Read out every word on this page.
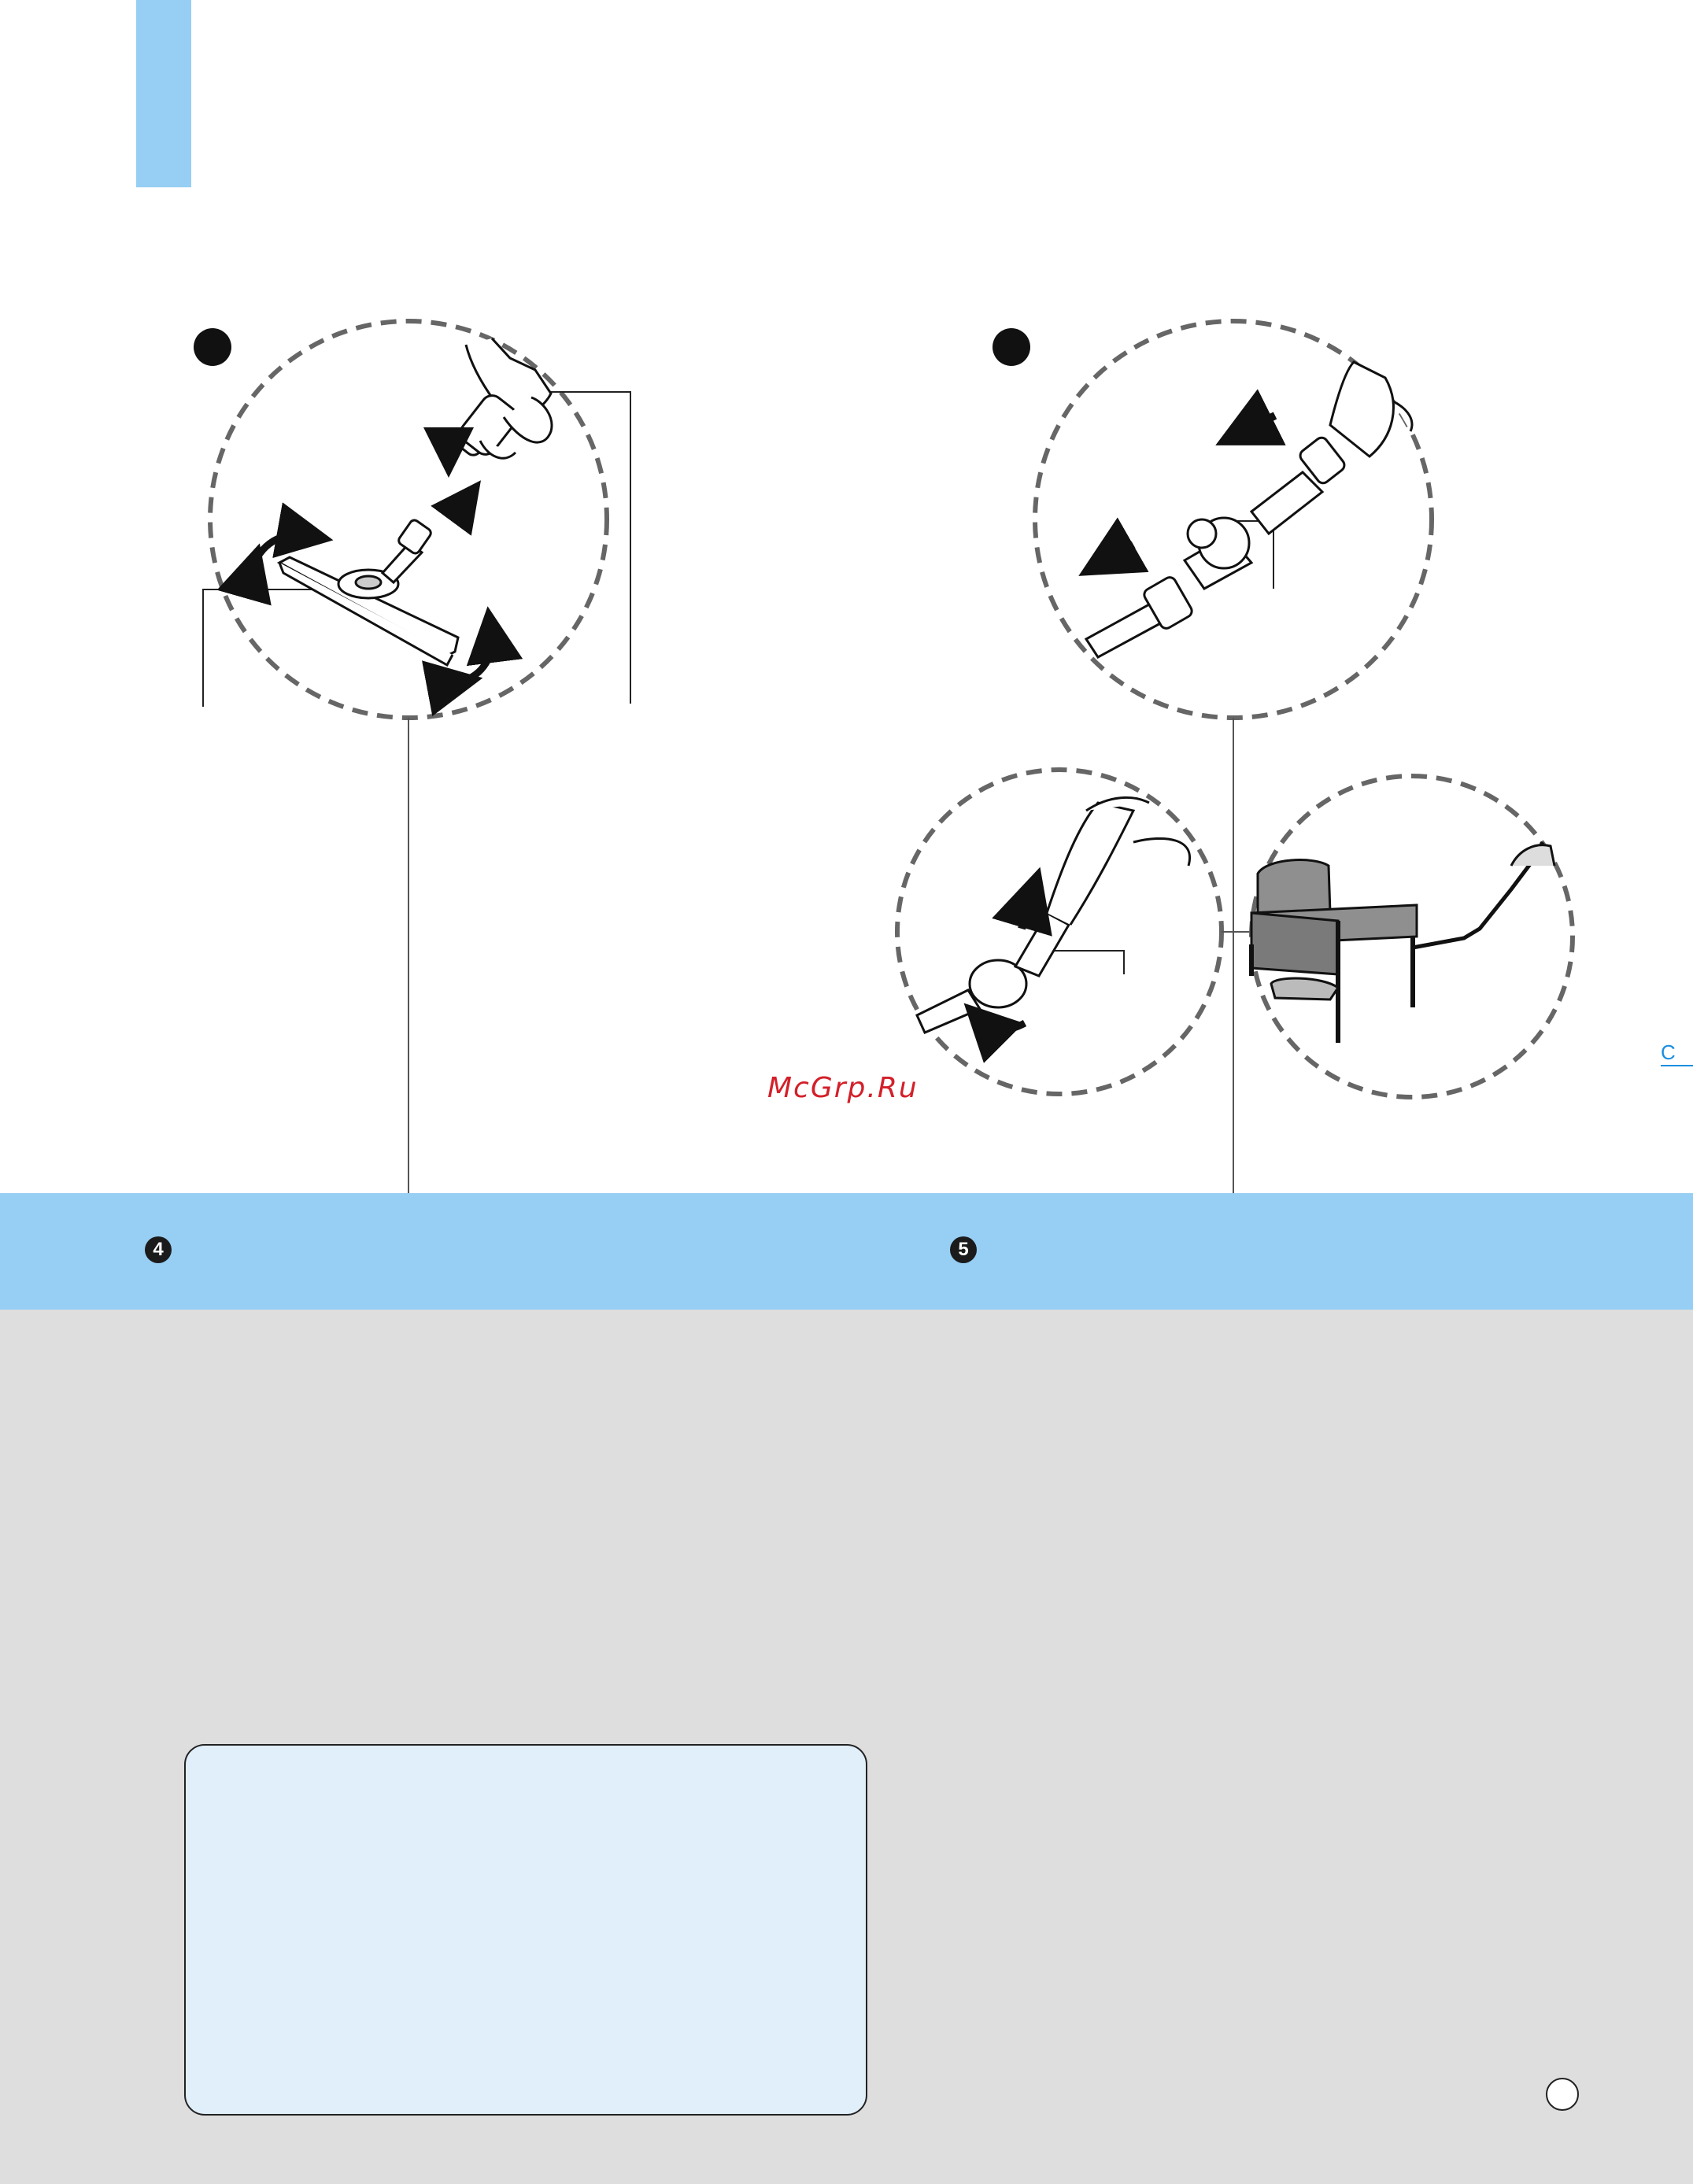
4	5
McGrp.Ru
C
